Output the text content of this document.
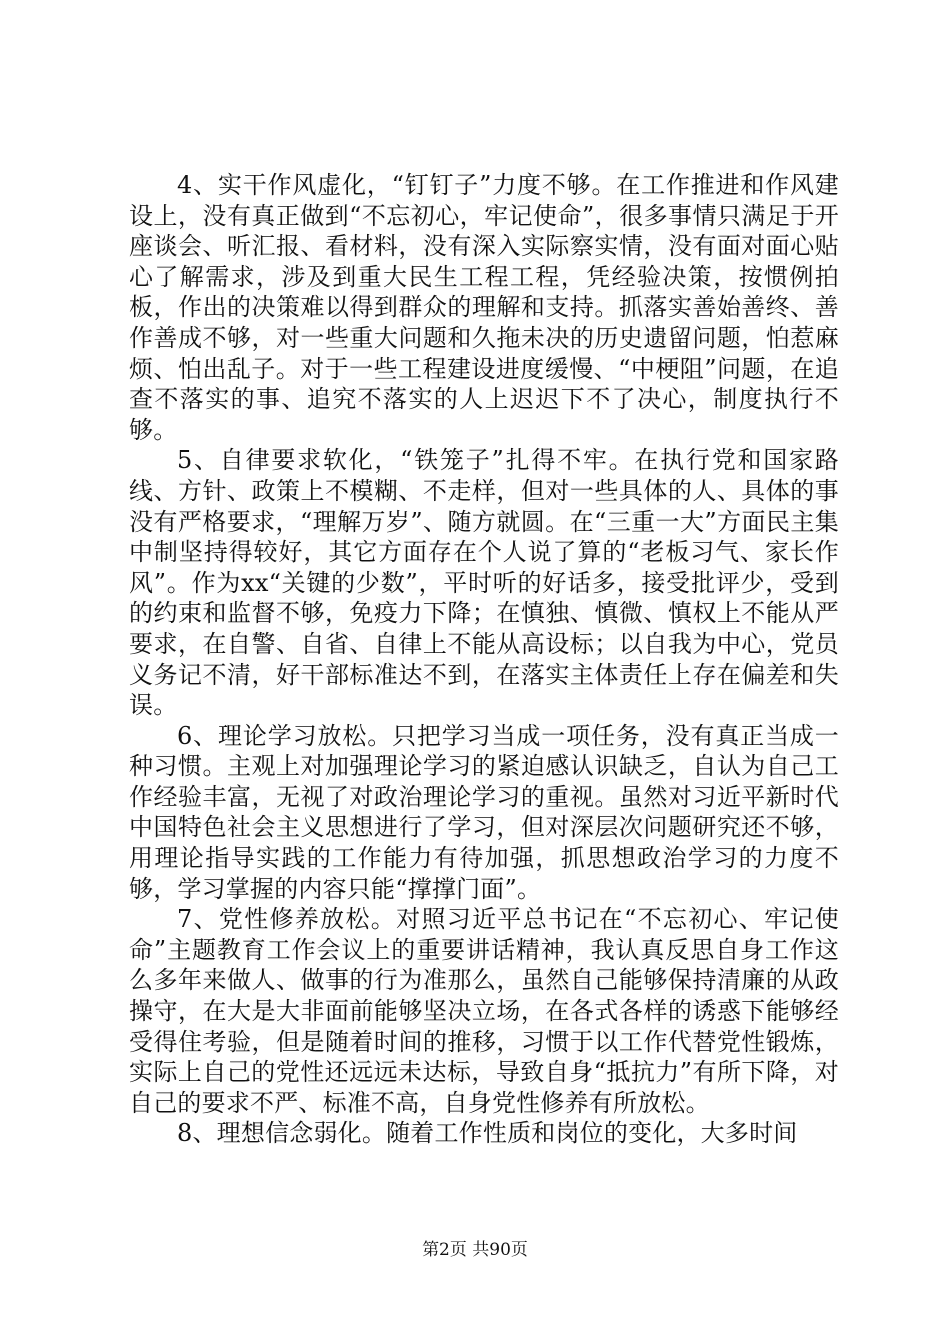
4、实干作风虚化，“钉钉子”力度不够。在工作推进和作风建设上，没有真正做到“不忘初心，牢记使命”，很多事情只满足于开座谈会、听汇报、看材料，没有深入实际察实情，没有面对面心贴心了解需求，涉及到重大民生工程工程，凭经验决策，按惯例拍板，作出的决策难以得到群众的理解和支持。抓落实善始善终、善作善成不够，对一些重大问题和久拖未决的历史遗留问题，怕惹麻烦、怕出乱子。对于一些工程建设进度缓慢、“中梗阻”问题，在追查不落实的事、追究不落实的人上迟迟下不了决心，制度执行不够。

5、自律要求软化，“铁笼子”扎得不牢。在执行党和国家路线、方针、政策上不模糊、不走样，但对一些具体的人、具体的事没有严格要求，“理解万岁”、随方就圆。在“三重一大”方面民主集中制坚持得较好，其它方面存在个人说了算的“老板习气、家长作风”。作为xx“关键的少数”，平时听的好话多，接受批评少，受到的约束和监督不够，免疫力下降；在慎独、慎微、慎权上不能从严要求，在自警、自省、自律上不能从高设标；以自我为中心，党员义务记不清，好干部标准达不到，在落实主体责任上存在偏差和失误。

6、理论学习放松。只把学习当成一项任务，没有真正当成一种习惯。主观上对加强理论学习的紧迫感认识缺乏，自认为自己工作经验丰富，无视了对政治理论学习的重视。虽然对习近平新时代中国特色社会主义思想进行了学习，但对深层次问题研究还不够，用理论指导实践的工作能力有待加强，抓思想政治学习的力度不够，学习掌握的内容只能“撑撑门面”。

7、党性修养放松。对照习近平总书记在“不忘初心、牢记使命”主题教育工作会议上的重要讲话精神，我认真反思自身工作这么多年来做人、做事的行为准那么，虽然自己能够保持清廉的从政操守，在大是大非面前能够坚决立场，在各式各样的诱惑下能够经受得住考验，但是随着时间的推移，习惯于以工作代替党性锻炼，实际上自己的党性还远远未达标，导致自身“抵抗力”有所下降，对自己的要求不严、标准不高，自身党性修养有所放松。

8、理想信念弱化。随着工作性质和岗位的变化，大多时间

第2页 共90页
